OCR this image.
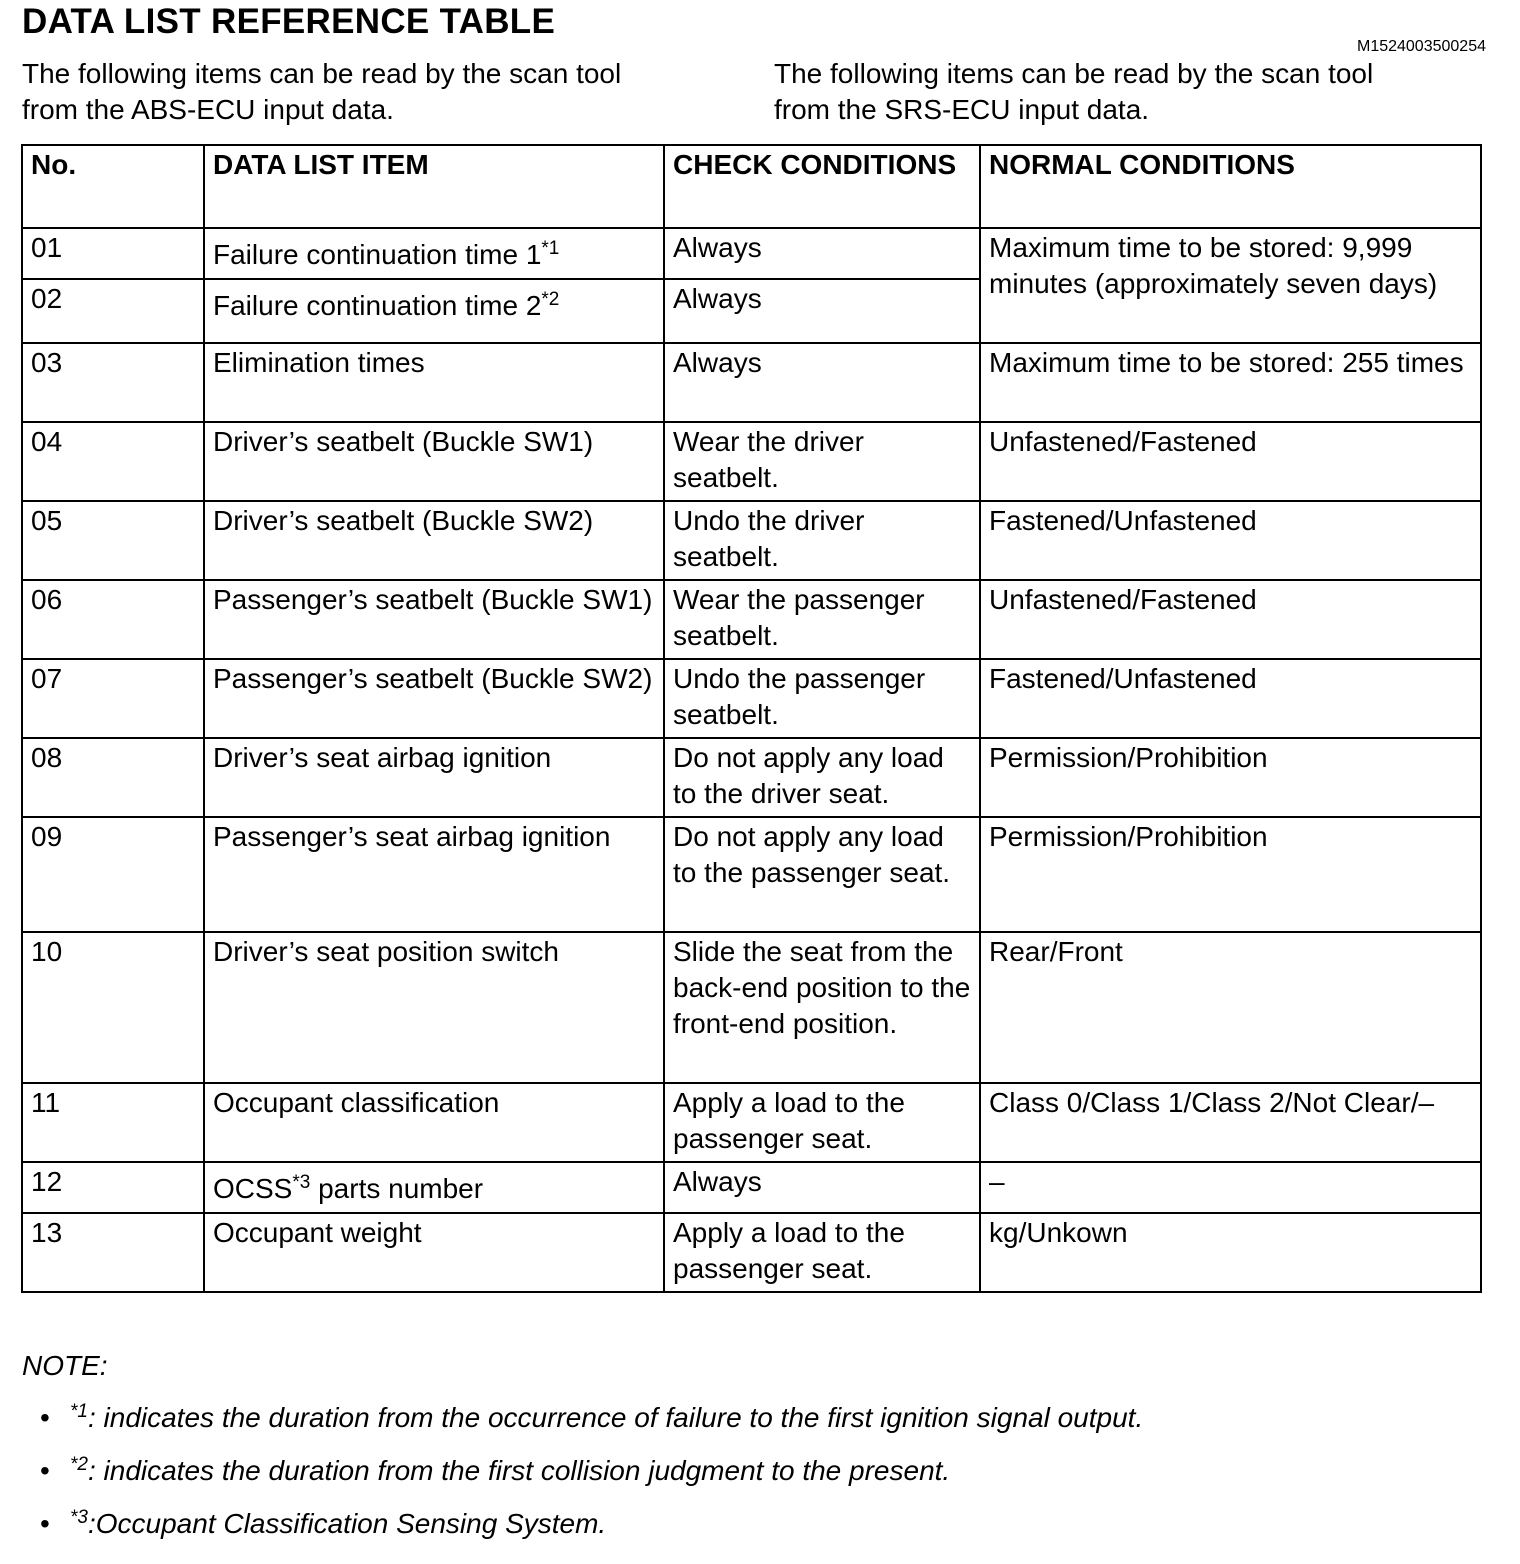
DATA LIST REFERENCE TABLE
M1524003500254
The following items can be read by the scan tool
from the ABS-ECU input data.
The following items can be read by the scan tool
from the SRS-ECU input data.
No.	DATA LIST ITEM	CHECK CONDITIONS	NORMAL CONDITIONS
01	Failure continuation time 1$^{*1}$	Always	Maximum time to be stored: 9,999 minutes (approximately seven days)
02	Failure continuation time 2$^{*2}$	Always	
03	Elimination times	Always	Maximum time to be stored: 255 times
04	Driver’s seatbelt (Buckle SW1)	Wear the driver seatbelt.	Unfastened/Fastened
05	Driver’s seatbelt (Buckle SW2)	Undo the driver seatbelt.	Fastened/Unfastened
06	Passenger’s seatbelt (Buckle SW1)	Wear the passenger seatbelt.	Unfastened/Fastened
07	Passenger’s seatbelt (Buckle SW2)	Undo the passenger seatbelt.	Fastened/Unfastened
08	Driver’s seat airbag ignition	Do not apply any load to the driver seat.	Permission/Prohibition
09	Passenger’s seat airbag ignition	Do not apply any load to the passenger seat.	Permission/Prohibition
10	Driver’s seat position switch	Slide the seat from the back-end position to the front-end position.	Rear/Front
11	Occupant classification	Apply a load to the passenger seat.	Class 0/Class 1/Class 2/Not Clear/–
12	OCSS$^{*3}$ parts number	Always	–
13	Occupant weight	Apply a load to the passenger seat.	kg/Unkown
NOTE:
• $^{*1}$: indicates the duration from the occurrence of failure to the first ignition signal output.
• $^{*2}$: indicates the duration from the first collision judgment to the present.
• $^{*3}$:Occupant Classification Sensing System.
